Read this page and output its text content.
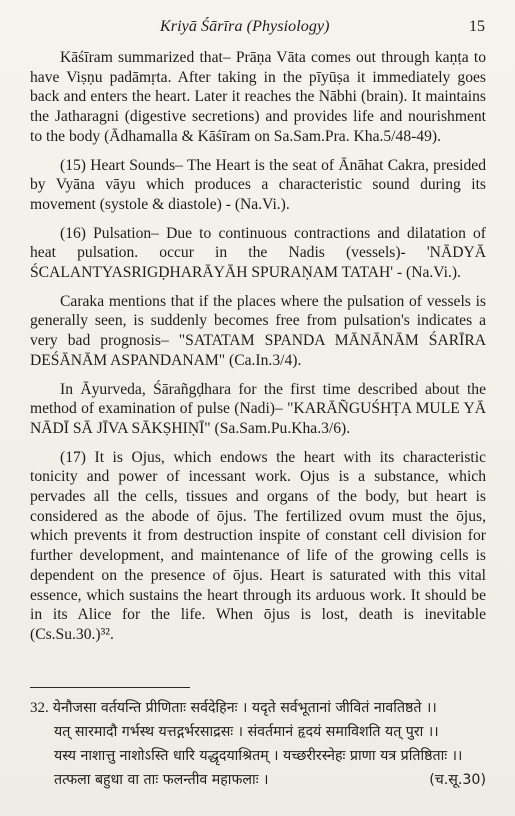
Kriyā Śārīra (Physiology)	15

Kāśīram summarized that– Prāṇa Vāta comes out through kaṇṭa to have Viṣṇu padāmṛta. After taking in the pīyūṣa it immediately goes back and enters the heart. Later it reaches the Nābhi (brain). It maintains the Jatharagni (digestive secretions) and provides life and nourishment to the body (Ādhamalla & Kāśīram on Sa.Sam.Pra. Kha.5/48-49).

(15) Heart Sounds– The Heart is the seat of Ānāhat Cakra, presided by Vyāna vāyu which produces a characteristic sound during its movement (systole & diastole) - (Na.Vi.).

(16) Pulsation– Due to continuous contractions and dilatation of heat pulsation. occur in the Nadis (vessels)- 'NĀDYĀ ŚCALANTYASRIGḌHARĀYĀH SPURAṆAM TATAH' - (Na.Vi.).

Caraka mentions that if the places where the pulsation of vessels is generally seen, is suddenly becomes free from pulsation's indicates a very bad prognosis– "SATATAM SPANDA MĀNĀNĀM ŚARĪRA DEŚĀNĀM ASPANDANAM" (Ca.In.3/4).

In Āyurveda, Śārañgḍhara for the first time described about the method of examination of pulse (Nadi)– "KARĀÑGUŚHṬA MULE YĀ NĀDĪ SĀ JĪVA SĀKṢHIṆĪ" (Sa.Sam.Pu.Kha.3/6).

(17) It is Ojus, which endows the heart with its characteristic tonicity and power of incessant work. Ojus is a substance, which pervades all the cells, tissues and organs of the body, but heart is considered as the abode of ōjus. The fertilized ovum must the ōjus, which prevents it from destruction inspite of constant cell division for further development, and maintenance of life of the growing cells is dependent on the presence of ōjus. Heart is saturated with this vital essence, which sustains the heart through its arduous work. It should be in its Alice for the life. When ōjus is lost, death is inevitable (Cs.Su.30.)³².

32. येनौजसा वर्तयन्ति प्रीणिताः सर्वदेहिनः । यदृते सर्वभूतानां जीवितं नावतिष्ठते ।।
यत् सारमादौ गर्भस्थ यत्तद्गर्भरसाद्रसः । संवर्तमानं हृदयं समाविशति यत् पुरा ।।
यस्य नाशात्तु नाशोऽस्ति धारि यद्धृदयाश्रितम् । यच्छरीरस्नेहः प्राणा यत्र प्रतिष्ठिताः ।।
तत्फला बहुधा वा ताः फलन्तीव महाफलाः ।	(च.सू.30)
